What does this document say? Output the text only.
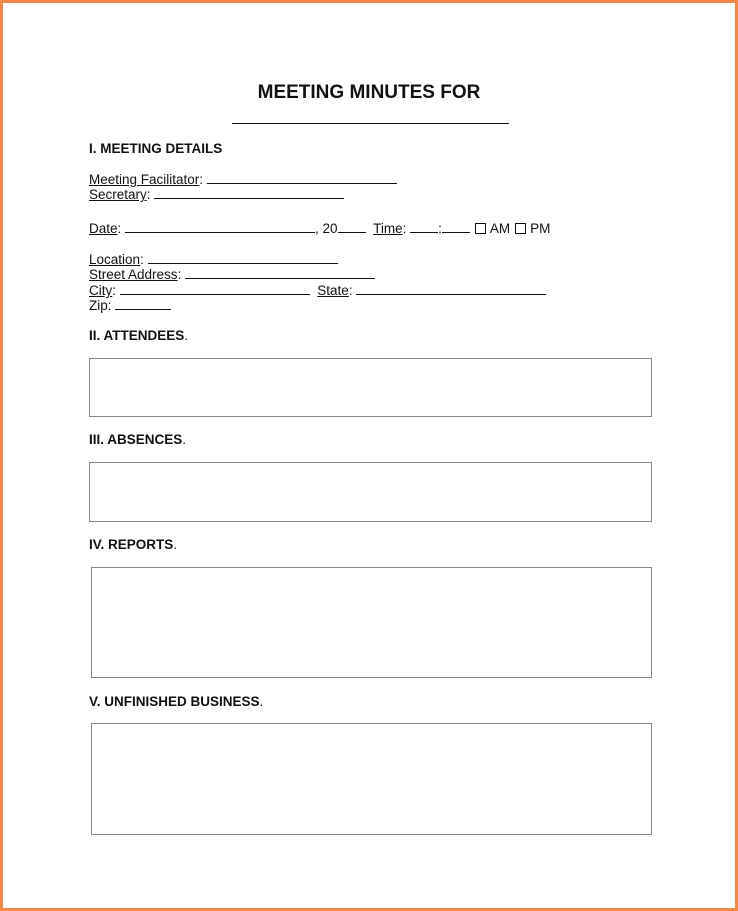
MEETING MINUTES FOR
I. MEETING DETAILS
Meeting Facilitator:
Secretary:
Date:	, 20	Time: :	AM PM
Location:
Street Address:
City:	State:
Zip:
II. ATTENDEES.
III. ABSENCES.
IV. REPORTS.
V. UNFINISHED BUSINESS.
